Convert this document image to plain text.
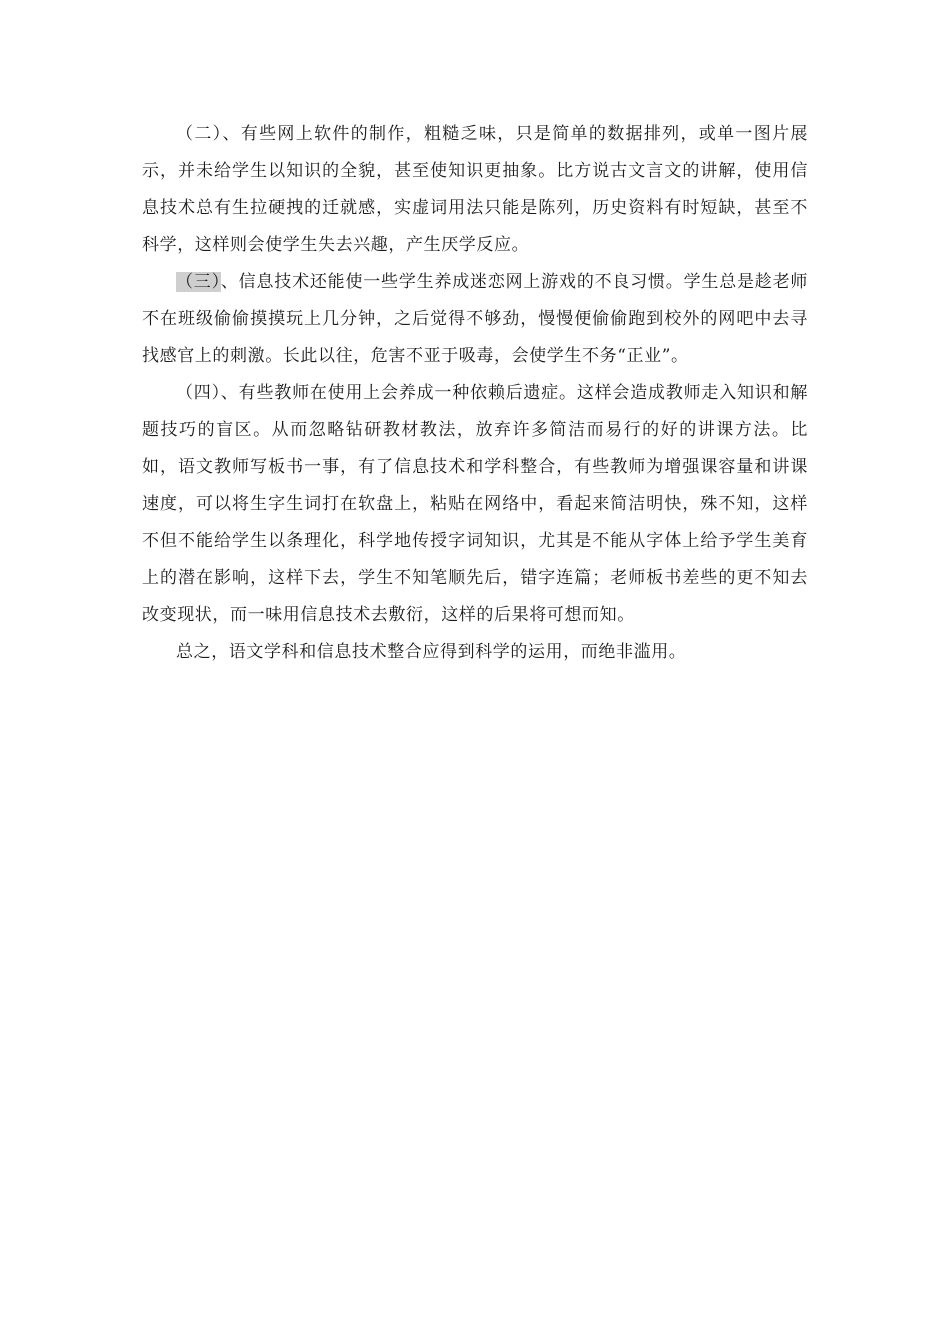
（二）、有些网上软件的制作，粗糙乏味，只是简单的数据排列，或单一图片展示，并未给学生以知识的全貌，甚至使知识更抽象。比方说古文言文的讲解，使用信息技术总有生拉硬拽的迁就感，实虚词用法只能是陈列，历史资料有时短缺，甚至不科学，这样则会使学生失去兴趣，产生厌学反应。

（三）、信息技术还能使一些学生养成迷恋网上游戏的不良习惯。学生总是趁老师不在班级偷偷摸摸玩上几分钟，之后觉得不够劲，慢慢便偷偷跑到校外的网吧中去寻找感官上的刺激。长此以往，危害不亚于吸毒，会使学生不务“正业”。

（四）、有些教师在使用上会养成一种依赖后遗症。这样会造成教师走入知识和解题技巧的盲区。从而忽略钻研教材教法，放弃许多简洁而易行的好的讲课方法。比如，语文教师写板书一事，有了信息技术和学科整合，有些教师为增强课容量和讲课速度，可以将生字生词打在软盘上，粘贴在网络中，看起来简洁明快，殊不知，这样不但不能给学生以条理化，科学地传授字词知识，尤其是不能从字体上给予学生美育上的潜在影响，这样下去，学生不知笔顺先后，错字连篇；老师板书差些的更不知去改变现状，而一味用信息技术去敷衍，这样的后果将可想而知。

总之，语文学科和信息技术整合应得到科学的运用，而绝非滥用。
